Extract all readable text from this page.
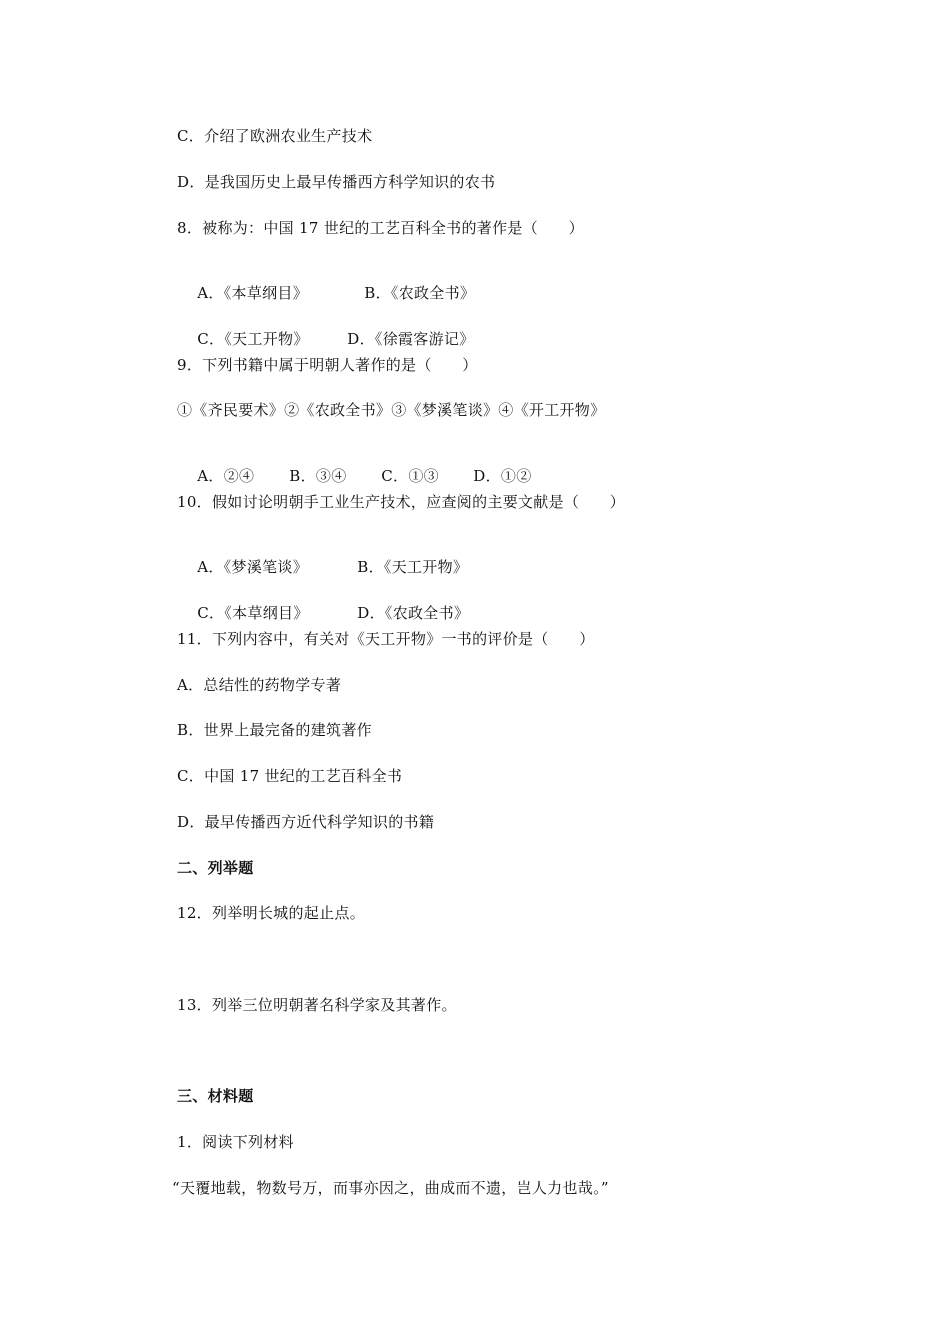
C．介绍了欧洲农业生产技术
D．是我国历史上最早传播西方科学知识的农书
8．被称为：中国 17 世纪的工艺百科全书的著作是（　　）

A．《本草纲目》	B．《农政全书》

C．《天工开物》	D．《徐霞客游记》

9．下列书籍中属于明朝人著作的是（　　）
①《齐民要术》②《农政全书》③《梦溪笔谈》④《开工开物》

A．②④ B．③④ C．①③ D．①②

10．假如讨论明朝手工业生产技术，应查阅的主要文献是（　　）

A．《梦溪笔谈》	B．《天工开物》

C．《本草纲目》	D．《农政全书》

11．下列内容中，有关对《天工开物》一书的评价是（　　）
A．总结性的药物学专著
B．世界上最完备的建筑著作
C．中国 17 世纪的工艺百科全书
D．最早传播西方近代科学知识的书籍
二、列举题
12．列举明长城的起止点。
13．列举三位明朝著名科学家及其著作。
三、材料题
1．阅读下列材料
“天覆地载，物数号万，而事亦因之，曲成而不遗，岂人力也哉。”
